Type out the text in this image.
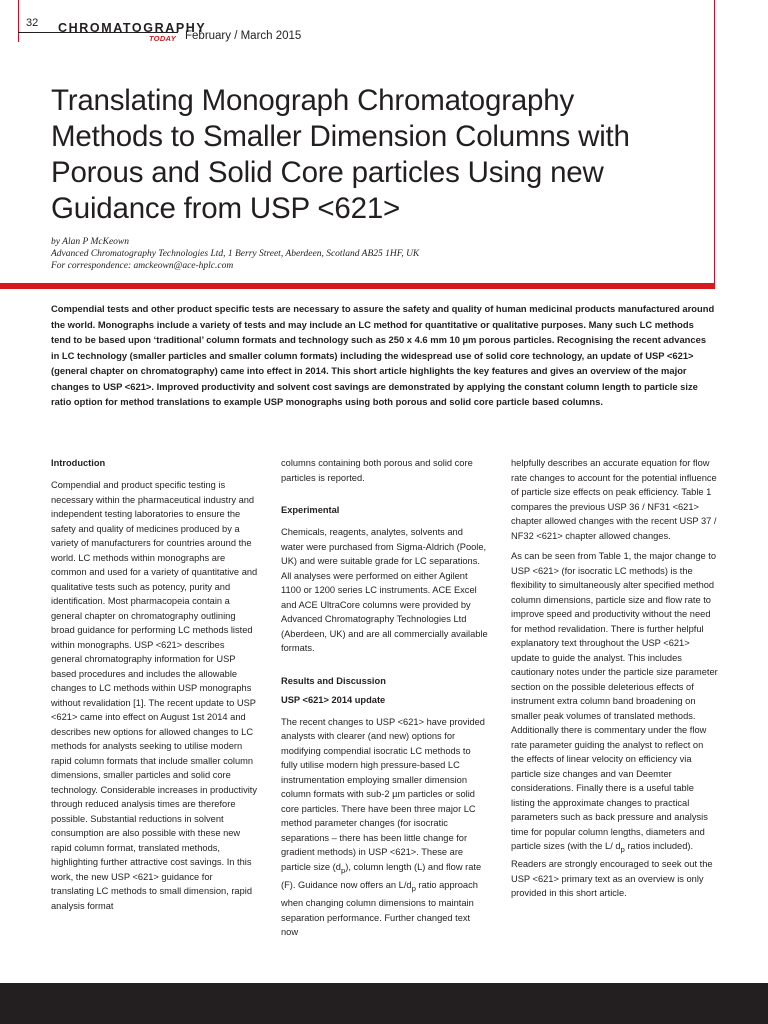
32 CHROMATOGRAPHY
TODAY February / March 2015
Translating Monograph Chromatography Methods to Smaller Dimension Columns with Porous and Solid Core particles Using new Guidance from USP <621>
by Alan P McKeown
Advanced Chromatography Technologies Ltd, 1 Berry Street, Aberdeen, Scotland AB25 1HF, UK
For correspondence: amckeown@ace-hplc.com

Compendial tests and other product specific tests are necessary to assure the safety and quality of human medicinal products manufactured around the world. Monographs include a variety of tests and may include an LC method for quantitative or qualitative purposes. Many such LC methods tend to be based upon ‘traditional’ column formats and technology such as 250 x 4.6 mm 10 µm porous particles. Recognising the recent advances in LC technology (smaller particles and smaller column formats) including the widespread use of solid core technology, an update of USP <621> (general chapter on chromatography) came into effect in 2014. This short article highlights the key features and gives an overview of the major changes to USP <621>. Improved productivity and solvent cost savings are demonstrated by applying the constant column length to particle size ratio option for method translations to example USP monographs using both porous and solid core particle based columns.

Introduction

Compendial and product specific testing is necessary within the pharmaceutical industry and independent testing laboratories to ensure the safety and quality of medicines produced by a variety of manufacturers for countries around the world. LC methods within monographs are common and used for a variety of quantitative and qualitative tests such as potency, purity and identification. Most pharmacopeia contain a general chapter on chromatography outlining broad guidance for performing LC methods listed within monographs. USP <621> describes general chromatography information for USP based procedures and includes the allowable changes to LC methods within USP monographs without revalidation [1]. The recent update to USP <621> came into effect on August 1st 2014 and describes new options for allowed changes to LC methods for analysts seeking to utilise modern rapid column formats that include smaller column dimensions, smaller particles and solid core technology. Considerable increases in productivity through reduced analysis times are therefore possible. Substantial reductions in solvent consumption are also possible with these new rapid column format, translated methods, highlighting further attractive cost savings. In this work, the new USP <621> guidance for translating LC methods to small dimension, rapid analysis format

columns containing both porous and solid core particles is reported.

Experimental

Chemicals, reagents, analytes, solvents and water were purchased from Sigma-Aldrich (Poole, UK) and were suitable grade for LC separations. All analyses were performed on either Agilent 1100 or 1200 series LC instruments. ACE Excel and ACE UltraCore columns were provided by Advanced Chromatography Technologies Ltd (Aberdeen, UK) and are all commercially available formats.

Results and Discussion
USP <621> 2014 update

The recent changes to USP <621> have provided analysts with clearer (and new) options for modifying compendial isocratic LC methods to fully utilise modern high pressure-based LC instrumentation employing smaller dimension column formats with sub-2 µm particles or solid core particles. There have been three major LC method parameter changes (for isocratic separations – there has been little change for gradient methods) in USP <621>. These are particle size $(d_p)$, column length (L) and flow rate (F). Guidance now offers an $L/d_p$ ratio approach when changing column dimensions to maintain separation performance. Further changed text now

helpfully describes an accurate equation for flow rate changes to account for the potential influence of particle size effects on peak efficiency. Table 1 compares the previous USP 36 / NF31 <621> chapter allowed changes with the recent USP 37 / NF32 <621> chapter allowed changes.

As can be seen from Table 1, the major change to USP <621> (for isocratic LC methods) is the flexibility to simultaneously alter specified method column dimensions, particle size and flow rate to improve speed and productivity without the need for method revalidation. There is further helpful explanatory text throughout the USP <621> update to guide the analyst. This includes cautionary notes under the particle size parameter section on the possible deleterious effects of instrument extra column band broadening on smaller peak volumes of translated methods. Additionally there is commentary under the flow rate parameter guiding the analyst to reflect on the effects of linear velocity on efficiency via particle size changes and van Deemter considerations. Finally there is a useful table listing the approximate changes to practical parameters such as back pressure and analysis time for popular column lengths, diameters and particle sizes (with the L/ $d_p$ ratios included). Readers are strongly encouraged to seek out the USP <621> primary text as an overview is only provided in this short article.
